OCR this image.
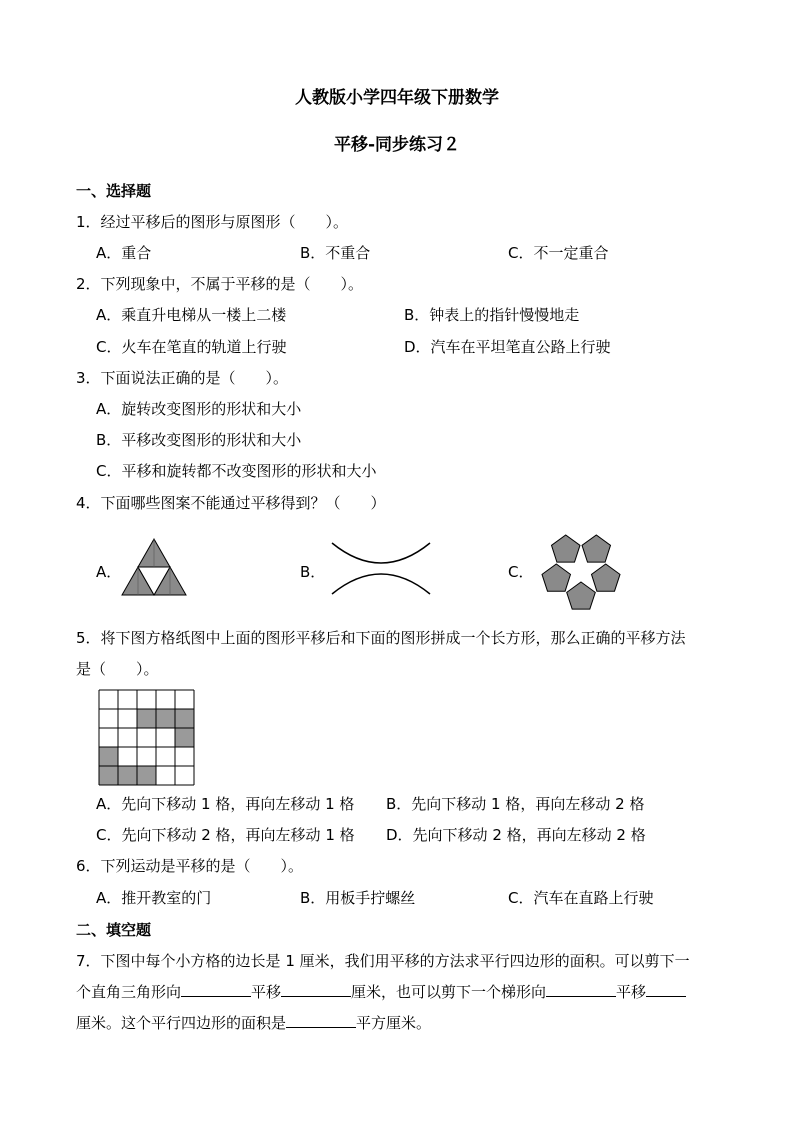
人教版小学四年级下册数学
平移-同步练习２
一、选择题
1．经过平移后的图形与原图形（　　）。
A．重合	B．不重合	C．不一定重合
2．下列现象中，不属于平移的是（　　）。
A．乘直升电梯从一楼上二楼	B．钟表上的指针慢慢地走
C．火车在笔直的轨道上行驶	D．汽车在平坦笔直公路上行驶
3．下面说法正确的是（　　）。
A．旋转改变图形的形状和大小
B．平移改变图形的形状和大小
C．平移和旋转都不改变图形的形状和大小
4．下面哪些图案不能通过平移得到？（　　）
A．	B．	C．
5．将下图方格纸图中上面的图形平移后和下面的图形拼成一个长方形，那么正确的平移方法
是（　　）。
A．先向下移动 1 格，再向左移动 1 格 B．先向下移动 1 格，再向左移动 2 格
C．先向下移动 2 格，再向左移动 1 格 D．先向下移动 2 格，再向左移动 2 格
6．下列运动是平移的是（　　）。
A．推开教室的门	B．用板手拧螺丝	C．汽车在直路上行驶
二、填空题
7．下图中每个小方格的边长是 1 厘米，我们用平移的方法求平行四边形的面积。可以剪下一
个直角三角形向	平移	厘米，也可以剪下一个梯形向	平移
厘米。这个平行四边形的面积是	平方厘米。
